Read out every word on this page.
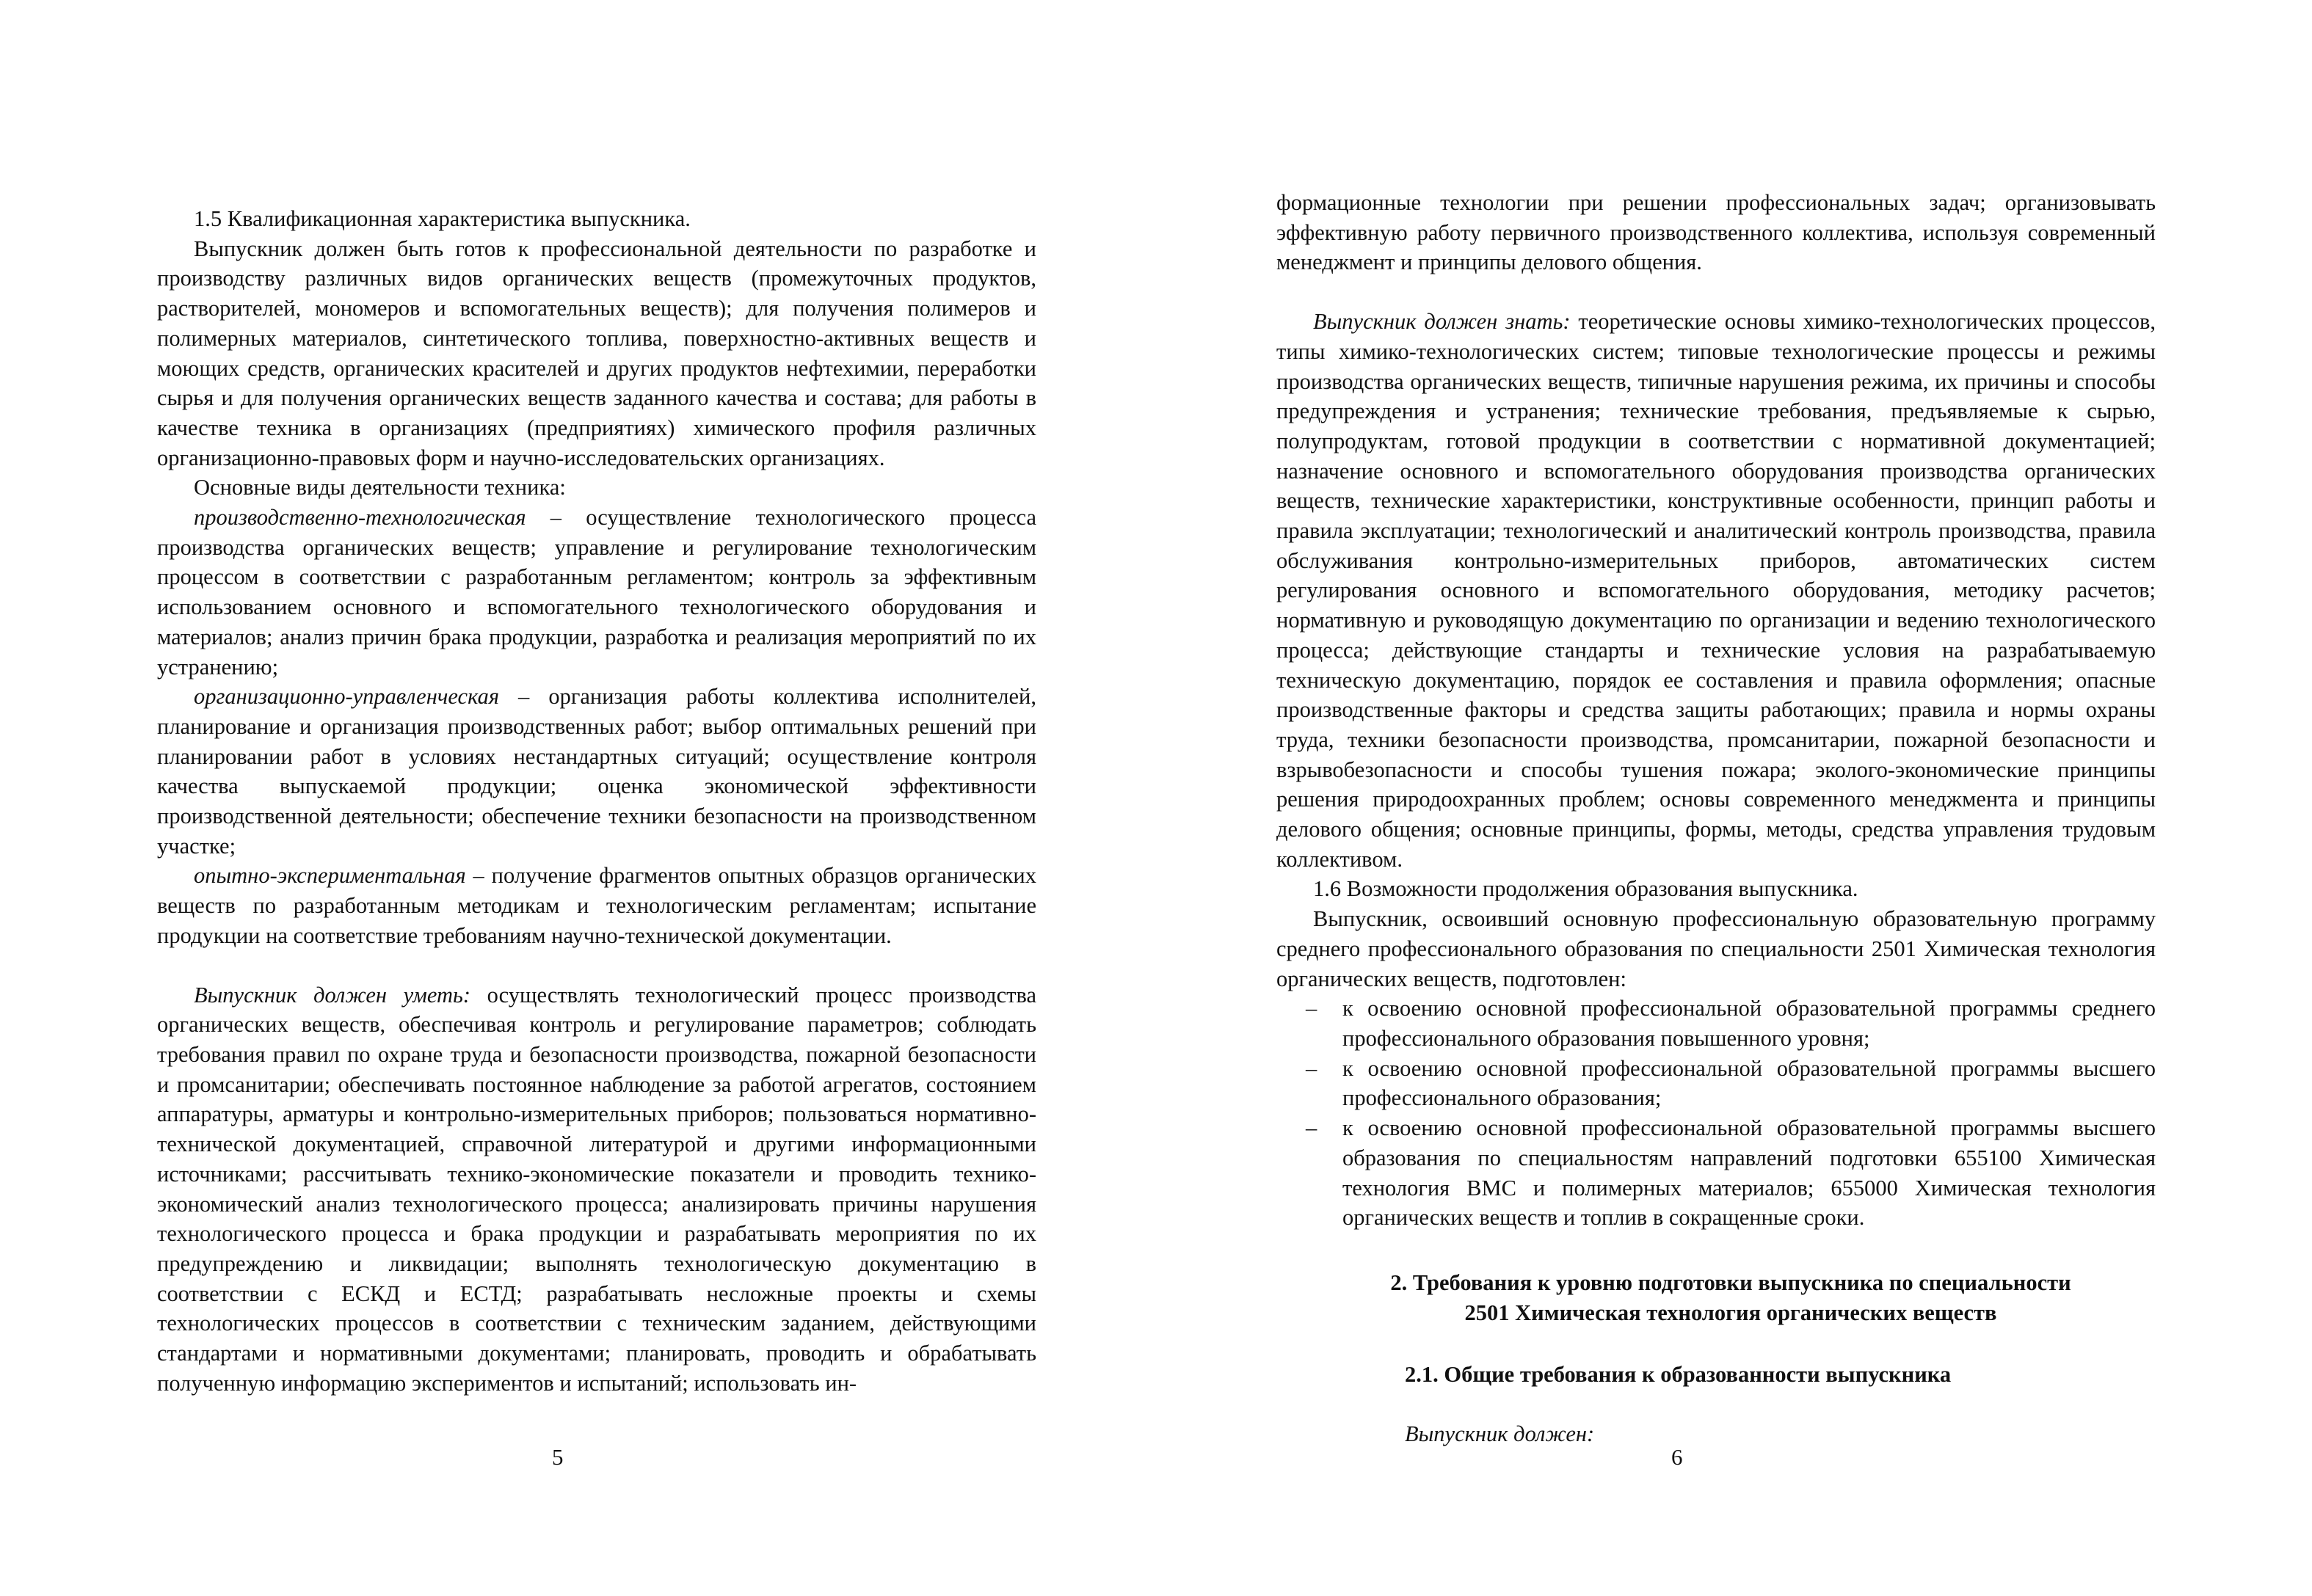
1.5 Квалификационная характеристика выпускника.

Выпускник должен быть готов к профессиональной деятельности по разработке и производству различных видов органических веществ (промежуточных продуктов, растворителей, мономеров и вспомогательных веществ); для получения полимеров и полимерных материалов, синтетического топлива, поверхностно-активных веществ и моющих средств, органических красителей и других продуктов нефтехимии, переработки сырья и для получения органических веществ заданного качества и состава; для работы в качестве техника в организациях (предприятиях) химического профиля различных организационно-правовых форм и научно-исследовательских организациях.

Основные виды деятельности техника:

производственно-технологическая – осуществление технологического процесса производства органических веществ; управление и регулирование технологическим процессом в соответствии с разработанным регламентом; контроль за эффективным использованием основного и вспомогательного технологического оборудования и материалов; анализ причин брака продукции, разработка и реализация мероприятий по их устранению;

организационно-управленческая – организация работы коллектива исполнителей, планирование и организация производственных работ; выбор оптимальных решений при планировании работ в условиях нестандартных ситуаций; осуществление контроля качества выпускаемой продукции; оценка экономической эффективности производственной деятельности; обеспечение техники безопасности на производственном участке;

опытно-экспериментальная – получение фрагментов опытных образцов органических веществ по разработанным методикам и технологическим регламентам; испытание продукции на соответствие требованиям научно-технической документации.

Выпускник должен уметь: осуществлять технологический процесс производства органических веществ, обеспечивая контроль и регулирование параметров; соблюдать требования правил по охране труда и безопасности производства, пожарной безопасности и промсанитарии; обеспечивать постоянное наблюдение за работой агрегатов, состоянием аппаратуры, арматуры и контрольно-измерительных приборов; пользоваться нормативно-технической документацией, справочной литературой и другими информационными источниками; рассчитывать технико-экономические показатели и проводить технико-экономический анализ технологического процесса; анализировать причины нарушения технологического процесса и брака продукции и разрабатывать мероприятия по их предупреждению и ликвидации; выполнять технологическую документацию в соответствии с ЕСКД и ЕСТД; разрабатывать несложные проекты и схемы технологических процессов в соответствии с техническим заданием, действующими стандартами и нормативными документами; планировать, проводить и обрабатывать полученную информацию экспериментов и испытаний; использовать ин-

5

формационные технологии при решении профессиональных задач; организовывать эффективную работу первичного производственного коллектива, используя современный менеджмент и принципы делового общения.

Выпускник должен знать: теоретические основы химико-технологических процессов, типы химико-технологических систем; типовые технологические процессы и режимы производства органических веществ, типичные нарушения режима, их причины и способы предупреждения и устранения; технические требования, предъявляемые к сырью, полупродуктам, готовой продукции в соответствии с нормативной документацией; назначение основного и вспомогательного оборудования производства органических веществ, технические характеристики, конструктивные особенности, принцип работы и правила эксплуатации; технологический и аналитический контроль производства, правила обслуживания контрольно-измерительных приборов, автоматических систем регулирования основного и вспомогательного оборудования, методику расчетов; нормативную и руководящую документацию по организации и ведению технологического процесса; действующие стандарты и технические условия на разрабатываемую техническую документацию, порядок ее составления и правила оформления; опасные производственные факторы и средства защиты работающих; правила и нормы охраны труда, техники безопасности производства, промсанитарии, пожарной безопасности и взрывобезопасности и способы тушения пожара; эколого-экономические принципы решения природоохранных проблем; основы современного менеджмента и принципы делового общения; основные принципы, формы, методы, средства управления трудовым коллективом.

1.6 Возможности продолжения образования выпускника.

Выпускник, освоивший основную профессиональную образовательную программу среднего профессионального образования по специальности 2501 Химическая технология органических веществ, подготовлен:

– к освоению основной профессиональной образовательной программы среднего профессионального образования повышенного уровня;
– к освоению основной профессиональной образовательной программы высшего профессионального образования;
– к освоению основной профессиональной образовательной программы высшего образования по специальностям направлений подготовки 655100 Химическая технология ВМС и полимерных материалов; 655000 Химическая технология органических веществ и топлив в сокращенные сроки.
2. Требования к уровню подготовки выпускника по специальности
2501 Химическая технология органических веществ
2.1. Общие требования к образованности выпускника

Выпускник должен:

6
